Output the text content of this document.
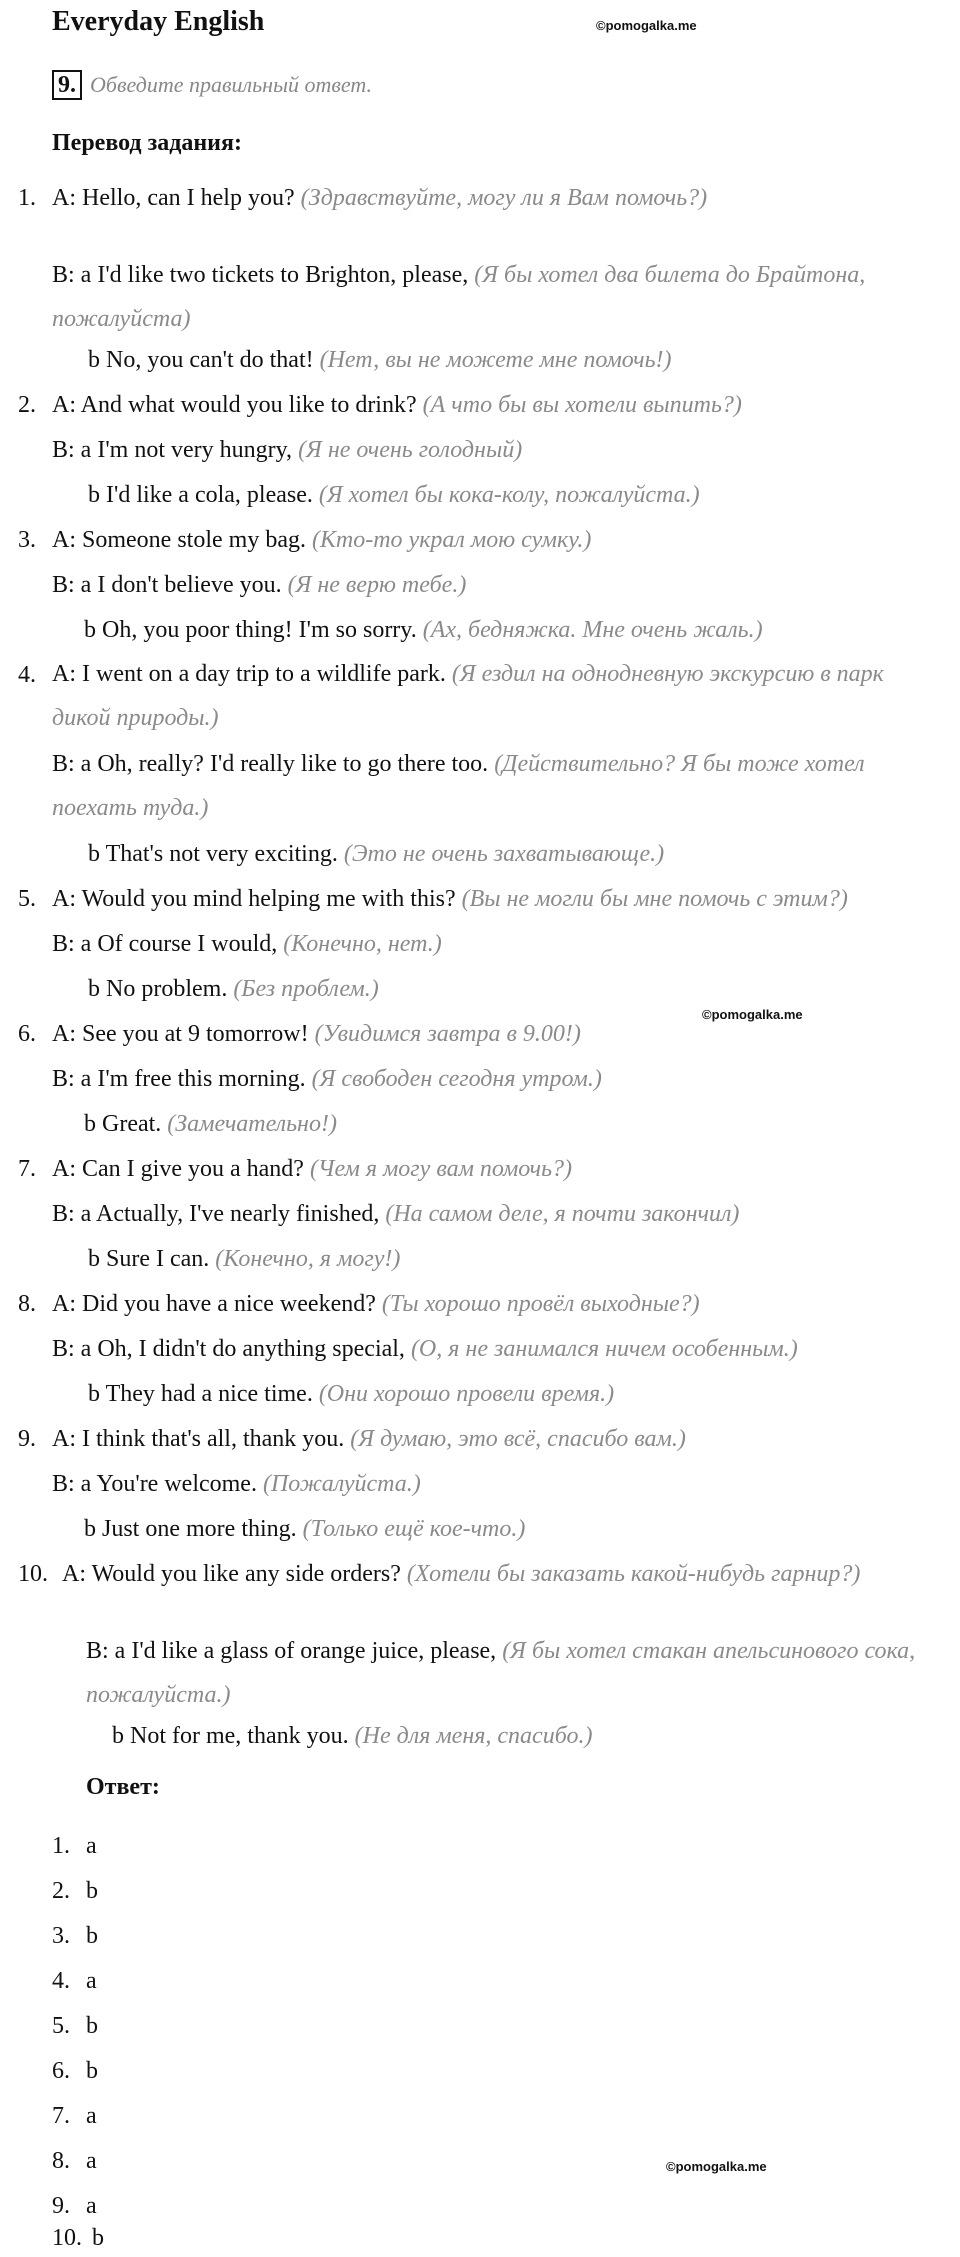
Everyday English	©pomogalka.me
9. Обведите правильный ответ.
Перевод задания:
1. A: Hello, can I help you? (Здравствуйте, могу ли я Вам помочь?)
B: a I'd like two tickets to Brighton, please, (Я бы хотел два билета до Брайтона, пожалуйста)
b No, you can't do that! (Нет, вы не можете мне помочь!)
2. A: And what would you like to drink? (А что бы вы хотели выпить?)
B: a I'm not very hungry, (Я не очень голодный)
b I'd like a cola, please. (Я хотел бы кока-колу, пожалуйста.)
3. A: Someone stole my bag. (Кто-то украл мою сумку.)
B: a I don't believe you. (Я не верю тебе.)
b Oh, you poor thing! I'm so sorry. (Ах, бедняжка. Мне очень жаль.)
4. A: I went on a day trip to a wildlife park. (Я ездил на однодневную экскурсию в парк дикой природы.)
B: a Oh, really? I'd really like to go there too. (Действительно? Я бы тоже хотел поехать туда.)
b That's not very exciting. (Это не очень захватывающе.)
5. A: Would you mind helping me with this? (Вы не могли бы мне помочь с этим?)
B: a Of course I would, (Конечно, нет.)
b No problem. (Без проблем.)
©pomogalka.me
6. A: See you at 9 tomorrow! (Увидимся завтра в 9.00!)
B: a I'm free this morning. (Я свободен сегодня утром.)
b Great. (Замечательно!)
7. A: Can I give you a hand? (Чем я могу вам помочь?)
B: a Actually, I've nearly finished, (На самом деле, я почти закончил)
b Sure I can. (Конечно, я могу!)
8. A: Did you have a nice weekend? (Ты хорошо провёл выходные?)
B: a Oh, I didn't do anything special, (О, я не занимался ничем особенным.)
b They had a nice time. (Они хорошо провели время.)
9. A: I think that's all, thank you. (Я думаю, это всё, спасибо вам.)
B: a You're welcome. (Пожалуйста.)
b Just one more thing. (Только ещё кое-что.)
10. A: Would you like any side orders? (Хотели бы заказать какой-нибудь гарнир?)
B: a I'd like a glass of orange juice, please, (Я бы хотел стакан апельсинового сока, пожалуйста.)
b Not for me, thank you. (Не для меня, спасибо.)
Ответ:
1. a
2. b
3. b
4. a
5. b
6. b
7. a
8. a	©pomogalka.me
9. a
10. b
